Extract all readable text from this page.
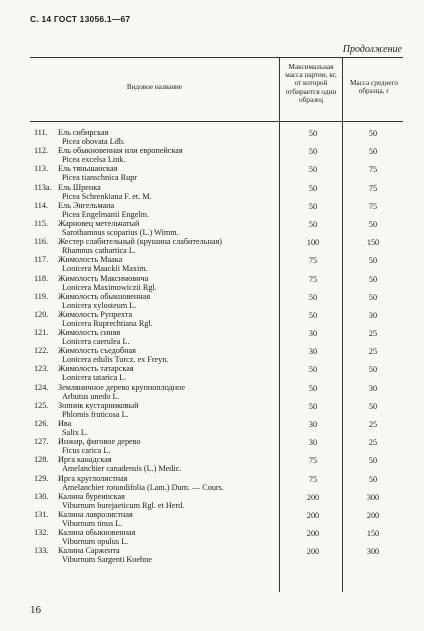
С. 14 ГОСТ 13056.1—67
Продолжение
Видовое название
Максимальная масса партии, кг, от которой отбирается один образец
Масса среднего образца, г
111.	Ель сибирская
Picea obovata Ldb.
50	50
112.	Ель обыкновенная или европейская
Picea excelsa Link.
50	50
113.	Ель тяньшанская
Picea tianschnica Rupr
50	75
113а. Ель Шренка
Picea Schrenkiana F. et. M.
50	75
114.	Ель Энгельмана
Picea Engelmanii Engelm.
50	75
115.	Жарновец метельчатый
Sarothamnus scoparius (L.) Wimm.
50	50
116.	Жестер слабительный (крушина слабительная)
Rhamnus cathartica L.
100	150
117.	Жимолость Маака
Lonicera Maackii Maxim.
75	50
118.	Жимолость Максимовича
Lonicera Maximowiczii Rgl.
75	50
119.	Жимолость обыкновенная
Lonicera xylosteum L.
50	50
120.	Жимолость Рупрехта
Lonicera Ruprechtiana Rgl.
50	30
121.	Жимолость синяя
Lonicera caerulea L.
30	25
122.	Жимолость съедобная
Lonicera edulis Turcz. ex Freyn.
30	25
123.	Жимолость татарская
Lonicera tatarica L.
50	50
124.	Земляничное дерево крупноплодное
Arbutus unedo L.
50	30
125.	Зопник кустарниковый
Phlomis fruticosa L.
50	50
126.	Ива
Salix L.
30	25
127.	Инжир, фиговое дерево
Ficus carica L.
30	25
128.	Ирга канадская
Amelanchier canadensis (L.) Medic.
75	50
129.	Ирга круглолистная
Amelanchier rotundifolia (Lam.) Dum. — Cours.
75	50
130.	Калина буреинская
Viburnum burejaeticum Rgl. et Herd.
200	300
131.	Калина лавролистная
Viburnum tinus L.
200	200
132.	Калина обыкновенная
Viburnum opulus L.
200	150
133.	Калина Саржента
Viburnum Sargenti Koehne
200	300
16
